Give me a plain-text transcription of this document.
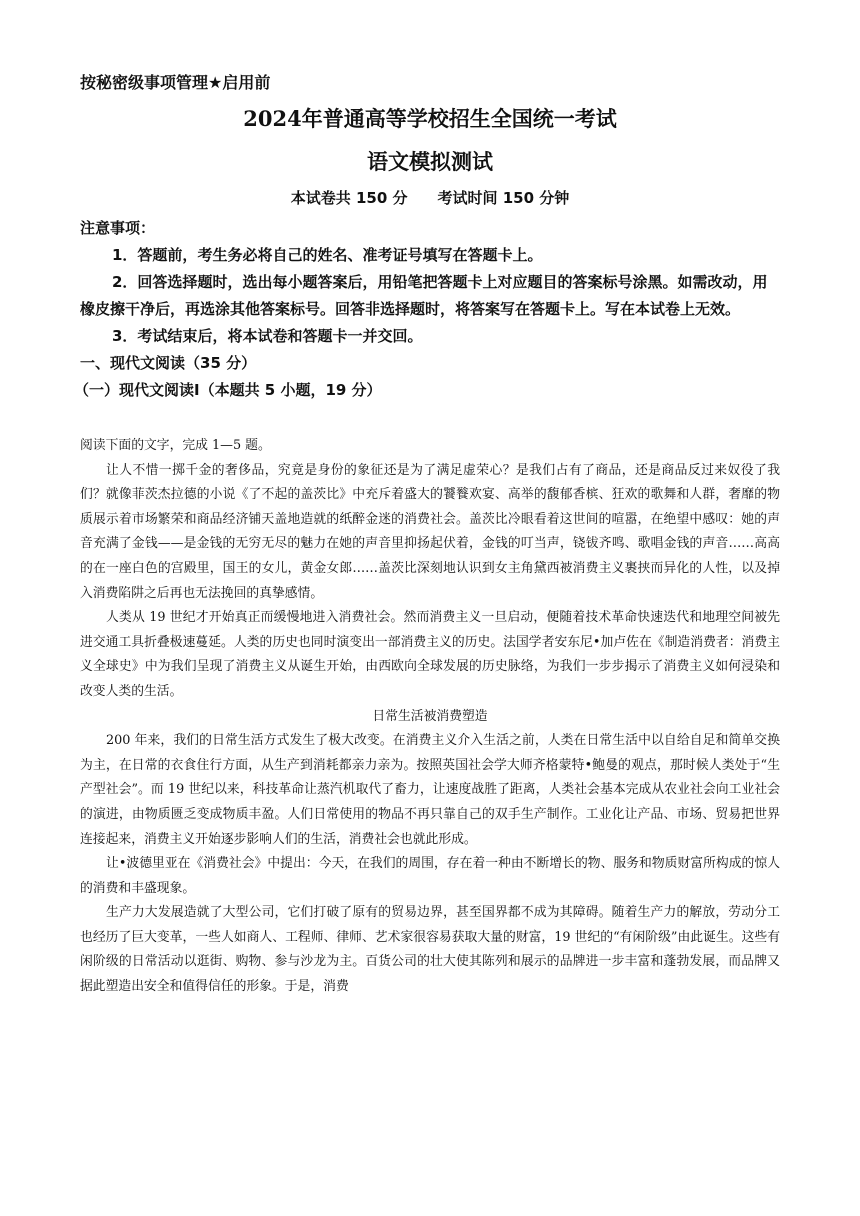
按秘密级事项管理★启用前
2024年普通高等学校招生全国统一考试
语文模拟测试
本试卷共 150 分 考试时间 150 分钟

注意事项：

1．答题前，考生务必将自己的姓名、准考证号填写在答题卡上。

2．回答选择题时，选出每小题答案后，用铅笔把答题卡上对应题目的答案标号涂黑。如需改动，用橡皮擦干净后，再选涂其他答案标号。回答非选择题时，将答案写在答题卡上。写在本试卷上无效。

3．考试结束后，将本试卷和答题卡一并交回。

一、现代文阅读（35 分）

（一）现代文阅读Ⅰ（本题共 5 小题，19 分）

阅读下面的文字，完成 1—5 题。

让人不惜一掷千金的奢侈品，究竟是身份的象征还是为了满足虚荣心？是我们占有了商品，还是商品反过来奴役了我们？就像菲茨杰拉德的小说《了不起的盖茨比》中充斥着盛大的饕餮欢宴、高举的馥郁香槟、狂欢的歌舞和人群，奢靡的物质展示着市场繁荣和商品经济铺天盖地造就的纸醉金迷的消费社会。盖茨比冷眼看着这世间的喧嚣，在绝望中感叹：她的声音充满了金钱——是金钱的无穷无尽的魅力在她的声音里抑扬起伏着，金钱的叮当声，铙钹齐鸣、歌唱金钱的声音……高高的在一座白色的宫殿里，国王的女儿，黄金女郎……盖茨比深刻地认识到女主角黛西被消费主义裹挟而异化的人性，以及掉入消费陷阱之后再也无法挽回的真挚感情。

人类从 19 世纪才开始真正而缓慢地进入消费社会。然而消费主义一旦启动，便随着技术革命快速迭代和地理空间被先进交通工具折叠极速蔓延。人类的历史也同时演变出一部消费主义的历史。法国学者安东尼•加卢佐在《制造消费者：消费主义全球史》中为我们呈现了消费主义从诞生开始，由西欧向全球发展的历史脉络，为我们一步步揭示了消费主义如何浸染和改变人类的生活。

日常生活被消费塑造

200 年来，我们的日常生活方式发生了极大改变。在消费主义介入生活之前，人类在日常生活中以自给自足和简单交换为主，在日常的衣食住行方面，从生产到消耗都亲力亲为。按照英国社会学大师齐格蒙特•鲍曼的观点，那时候人类处于“生产型社会”。而 19 世纪以来，科技革命让蒸汽机取代了畜力，让速度战胜了距离，人类社会基本完成从农业社会向工业社会的演进，由物质匮乏变成物质丰盈。人们日常使用的物品不再只靠自己的双手生产制作。工业化让产品、市场、贸易把世界连接起来，消费主义开始逐步影响人们的生活，消费社会也就此形成。

让•波德里亚在《消费社会》中提出：今天，在我们的周围，存在着一种由不断增长的物、服务和物质财富所构成的惊人的消费和丰盛现象。

生产力大发展造就了大型公司，它们打破了原有的贸易边界，甚至国界都不成为其障碍。随着生产力的解放，劳动分工也经历了巨大变革，一些人如商人、工程师、律师、艺术家很容易获取大量的财富，19 世纪的“有闲阶级”由此诞生。这些有闲阶级的日常活动以逛街、购物、参与沙龙为主。百货公司的壮大使其陈列和展示的品牌进一步丰富和蓬勃发展，而品牌又据此塑造出安全和值得信任的形象。于是，消费
